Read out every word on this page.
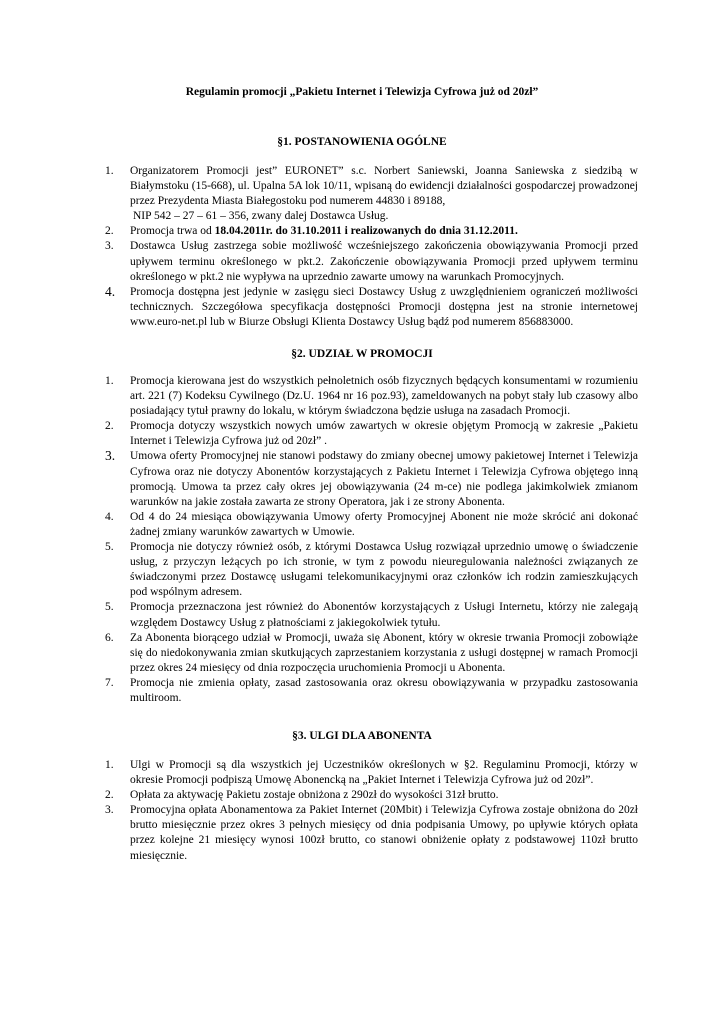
Regulamin promocji „Pakietu Internet i Telewizja Cyfrowa już od 20zł”
§1. POSTANOWIENIA OGÓLNE
1. Organizatorem Promocji jest” EURONET” s.c. Norbert Saniewski, Joanna Saniewska z siedzibą w Białymstoku (15-668), ul. Upalna 5A lok 10/11, wpisaną do ewidencji działalności gospodarczej prowadzonej przez Prezydenta Miasta Białegostoku pod numerem 44830 i 89188,
NIP 542 – 27 – 61 – 356, zwany dalej Dostawca Usług.
2. Promocja trwa od 18.04.2011r. do 31.10.2011 i realizowanych do dnia 31.12.2011.
3. Dostawca Usług zastrzega sobie możliwość wcześniejszego zakończenia obowiązywania Promocji przed upływem terminu określonego w pkt.2. Zakończenie obowiązywania Promocji przed upływem terminu określonego w pkt.2 nie wypływa na uprzednio zawarte umowy na warunkach Promocyjnych.
4. Promocja dostępna jest jedynie w zasięgu sieci Dostawcy Usług z uwzględnieniem ograniczeń możliwości technicznych. Szczegółowa specyfikacja dostępności Promocji dostępna jest na stronie internetowej www.euro-net.pl lub w Biurze Obsługi Klienta Dostawcy Usług bądź pod numerem 856883000.
§2. UDZIAŁ W PROMOCJI
1. Promocja kierowana jest do wszystkich pełnoletnich osób fizycznych będących konsumentami w rozumieniu art. 221 (7) Kodeksu Cywilnego (Dz.U. 1964 nr 16 poz.93), zameldowanych na pobyt stały lub czasowy albo posiadający tytuł prawny do lokalu, w którym świadczona będzie usługa na zasadach Promocji.
2. Promocja dotyczy wszystkich nowych umów zawartych w okresie objętym Promocją w zakresie „Pakietu Internet i Telewizja Cyfrowa już od 20zł” .
3. Umowa oferty Promocyjnej nie stanowi podstawy do zmiany obecnej umowy pakietowej Internet i Telewizja Cyfrowa oraz nie dotyczy Abonentów korzystających z Pakietu Internet i Telewizja Cyfrowa objętego inną promocją. Umowa ta przez cały okres jej obowiązywania (24 m-ce) nie podlega jakimkolwiek zmianom warunków na jakie została zawarta ze strony Operatora, jak i ze strony Abonenta.
4. Od 4 do 24 miesiąca obowiązywania Umowy oferty Promocyjnej Abonent nie może skrócić ani dokonać żadnej zmiany warunków zawartych w Umowie.
5. Promocja nie dotyczy również osób, z którymi Dostawca Usług rozwiązał uprzednio umowę o świadczenie usług, z przyczyn leżących po ich stronie, w tym z powodu nieuregulowania należności związanych ze świadczonymi przez Dostawcę usługami telekomunikacyjnymi oraz członków ich rodzin zamieszkujących pod wspólnym adresem.
5. Promocja przeznaczona jest również do Abonentów korzystających z Usługi Internetu, którzy nie zalegają względem Dostawcy Usług z płatnościami z jakiegokolwiek tytułu.
6. Za Abonenta biorącego udział w Promocji, uważa się Abonent, który w okresie trwania Promocji zobowiąże się do niedokonywania zmian skutkujących zaprzestaniem korzystania z usługi dostępnej w ramach Promocji przez okres 24 miesięcy od dnia rozpoczęcia uruchomienia Promocji u Abonenta.
7. Promocja nie zmienia opłaty, zasad zastosowania oraz okresu obowiązywania w przypadku zastosowania multiroom.
§3. ULGI DLA ABONENTA
1. Ulgi w Promocji są dla wszystkich jej Uczestników określonych w §2. Regulaminu Promocji, którzy w okresie Promocji podpiszą Umowę Abonencką na „Pakiet Internet i Telewizja Cyfrowa już od 20zł”.
2. Opłata za aktywację Pakietu zostaje obniżona z 290zł do wysokości 31zł brutto.
3. Promocyjna opłata Abonamentowa za Pakiet Internet (20Mbit) i Telewizja Cyfrowa zostaje obniżona do 20zł brutto miesięcznie przez okres 3 pełnych miesięcy od dnia podpisania Umowy, po upływie których opłata przez kolejne 21 miesięcy wynosi 100zł brutto, co stanowi obniżenie opłaty z podstawowej 110zł brutto miesięcznie.
